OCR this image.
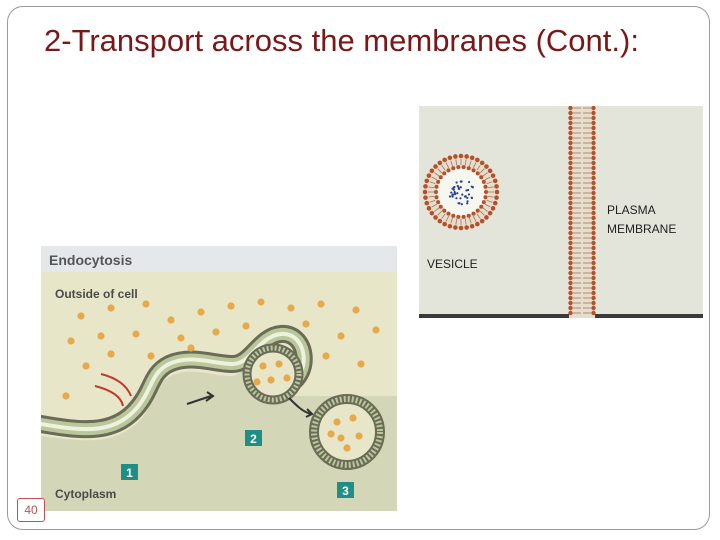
2-Transport across the membranes (Cont.):
PLASMA
MEMBRANE
VESICLE
Endocytosis
Outside of cell
Cytoplasm
1
2
3
40
